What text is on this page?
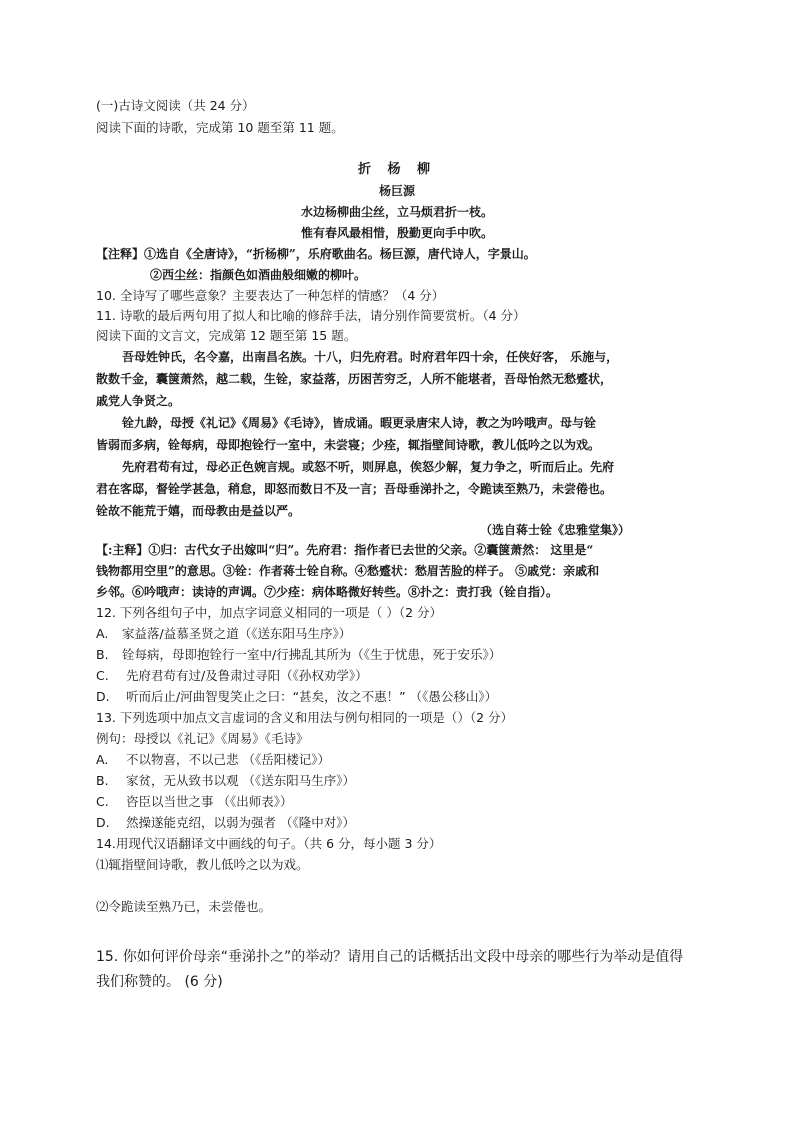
(一)古诗文阅读（共 24 分）
阅读下面的诗歌，完成第 10 题至第 11 题。
折 杨 柳
杨巨源
水边杨柳曲尘丝，立马烦君折一枝。
惟有春风最相惜，殷勤更向手中吹。
【注释】①选自《全唐诗》，“折杨柳”，乐府歌曲名。杨巨源，唐代诗人，字景山。
②西尘丝：指颜色如酒曲般细嫩的柳叶。
10. 全诗写了哪些意象？主要表达了一种怎样的情感？（4 分）
11. 诗歌的最后两句用了拟人和比喻的修辞手法，请分别作简要赏析。（4 分）
阅读下面的文言文，完成第 12 题至第 15 题。
吾母姓钟氏，名令嘉，出南昌名族。十八，归先府君。时府君年四十余，任侠好客， 乐施与，
散数千金，囊箧萧然，越二载，生铨，家益落，历困苦穷乏，人所不能堪者，吾母怡然无愁蹙状，
戚党人争贤之。
铨九龄，母授《礼记》《周易》《毛诗》，皆成诵。暇更录唐宋人诗，教之为吟哦声。母与铨
皆弱而多病，铨每病，母即抱铨行一室中，未尝寝；少痊，辄指壁间诗歌，教儿低吟之以为戏。
先府君苟有过，母必正色婉言规。或怒不听，则屏息，俟怒少解，复力争之，听而后止。先府
君在客邸，督铨学甚急，稍怠，即怒而数日不及一言；吾母垂涕扑之，令跪读至熟乃，未尝倦也。
铨故不能荒于嬉，而母教由是益以严。
（选自蒋士铨《忠雅堂集》）
【:主释】①归：古代女子出嫁叫“归”。先府君：指作者已去世的父亲。②囊箧萧然： 这里是“
钱物都用空里”的意思。③铨：作者蒋士铨自称。④愁蹙状：愁眉苦脸的样子。 ⑤戚党：亲戚和
乡邻。⑥吟哦声：读诗的声调。⑦少痊：病体略微好转些。⑧扑之：责打我（铨自指）。
12. 下列各组句子中，加点字词意义相同的一项是（ ）（2 分）
A. 家益落/益慕圣贤之道（《送东阳马生序》）
B. 铨每病，母即抱铨行一室中/行拂乱其所为（《生于忧患，死于安乐》）
C. 先府君苟有过/及鲁肃过寻阳（《孙权劝学》）
D. 听而后止/河曲智叟笑止之曰：“甚矣，汝之不惠！” （《愚公移山》）
13. 下列选项中加点文言虚词的含义和用法与例句相同的一项是（）（2 分）
例句：母授以《礼记》《周易》《毛诗》
A. 不以物喜，不以己悲 （《岳阳楼记》）
B. 家贫，无从致书以观 （《送东阳马生序》）
C. 咨臣以当世之事 （《出师表》）
D. 然操遂能克绍，以弱为强者 （《隆中对》）
14.用现代汉语翻译文中画线的句子。（共 6 分，每小题 3 分）
⑴辄指壁间诗歌，教儿低吟之以为戏。
⑵令跪读至熟乃已，未尝倦也。
15. 你如何评价母亲“垂涕扑之”的举动？请用自己的话概括出文段中母亲的哪些行为举动是值得
我们称赞的。 (6 分)
